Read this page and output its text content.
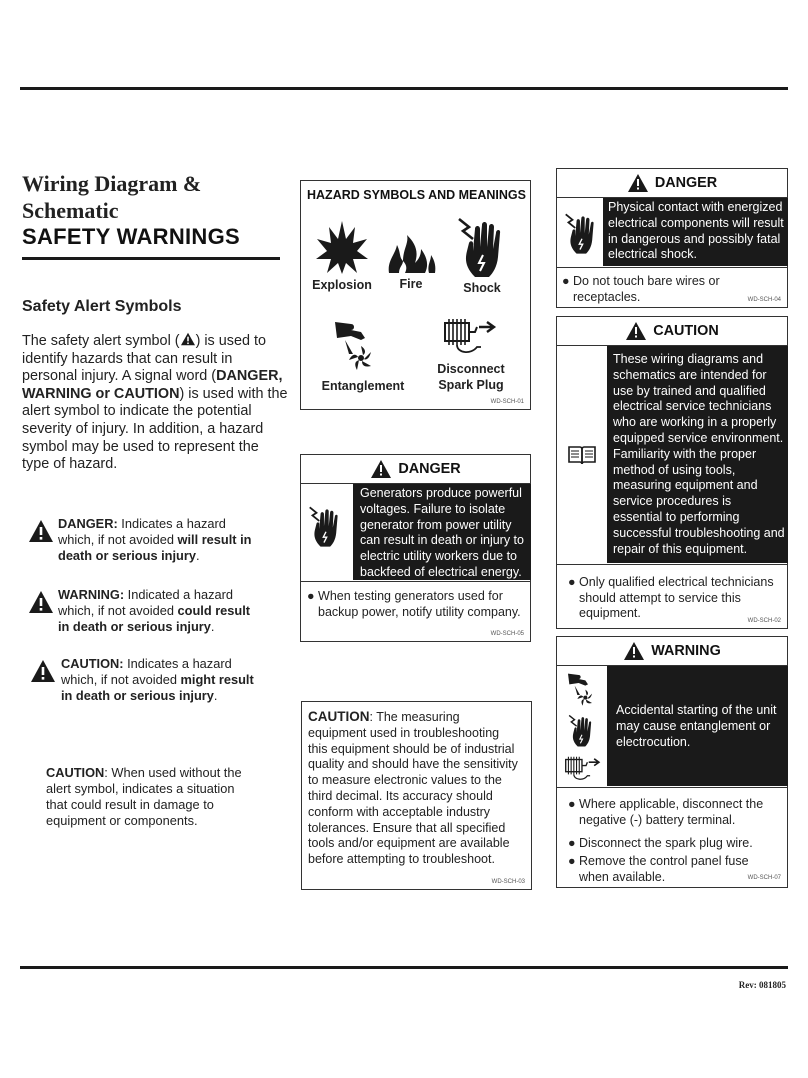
Wiring Diagram &
Schematic
SAFETY WARNINGS
Safety Alert Symbols
The safety alert symbol ( ) is used to identify hazards that can result in personal injury. A signal word (DANGER, WARNING or CAUTION) is used with the alert symbol to indicate the potential severity of injury. In addition, a hazard symbol may be used to represent the type of hazard.
DANGER: Indicates a hazard which, if not avoided will result in death or serious injury.
WARNING: Indicated a hazard which, if not avoided could result in death or serious injury.
CAUTION: Indicates a hazard which, if not avoided might result in death or serious injury.
CAUTION: When used without the alert symbol, indicates a situation that could result in damage to equipment or components.
HAZARD SYMBOLS AND MEANINGS
Explosion	Fire	Shock
Entanglement
Disconnect
Spark Plug
WD-SCH-01
DANGER
Generators produce powerful
voltages. Failure to isolate
generator from power utility
can result in death or injury to
electric utility workers due to
backfeed of electrical energy.
● When testing generators used for
backup power, notify utility company.
WD-SCH-05
CAUTION: The measuring
equipment used in troubleshooting
this equipment should be of industrial
quality and should have the sensitivity
to measure electronic values to the
third decimal. Its accuracy should
conform with acceptable industry
tolerances. Ensure that all specified
tools and/or equipment are available
before attempting to troubleshoot.
WD-SCH-03
DANGER
Physical contact with energized
electrical components will result
in dangerous and possibly fatal
electrical shock.
● Do not touch bare wires or
receptacles.	WD-SCH-04
CAUTION
These wiring diagrams and
schematics are intended for
use by trained and qualified
electrical service technicians
who are working in a properly
equipped service environment.
Familiarity with the proper
method of using tools,
measuring equipment and
service procedures is
essential to performing
successful troubleshooting and
repair of this equipment.
● Only qualified electrical technicians
should attempt to service this
equipment.
WD-SCH-02
WARNING
Accidental starting of the unit
may cause entanglement or
electrocution.
● Where applicable, disconnect the
negative (-) battery terminal.
● Disconnect the spark plug wire.
● Remove the control panel fuse
when available.	WD-SCH-07
Rev: 081805
